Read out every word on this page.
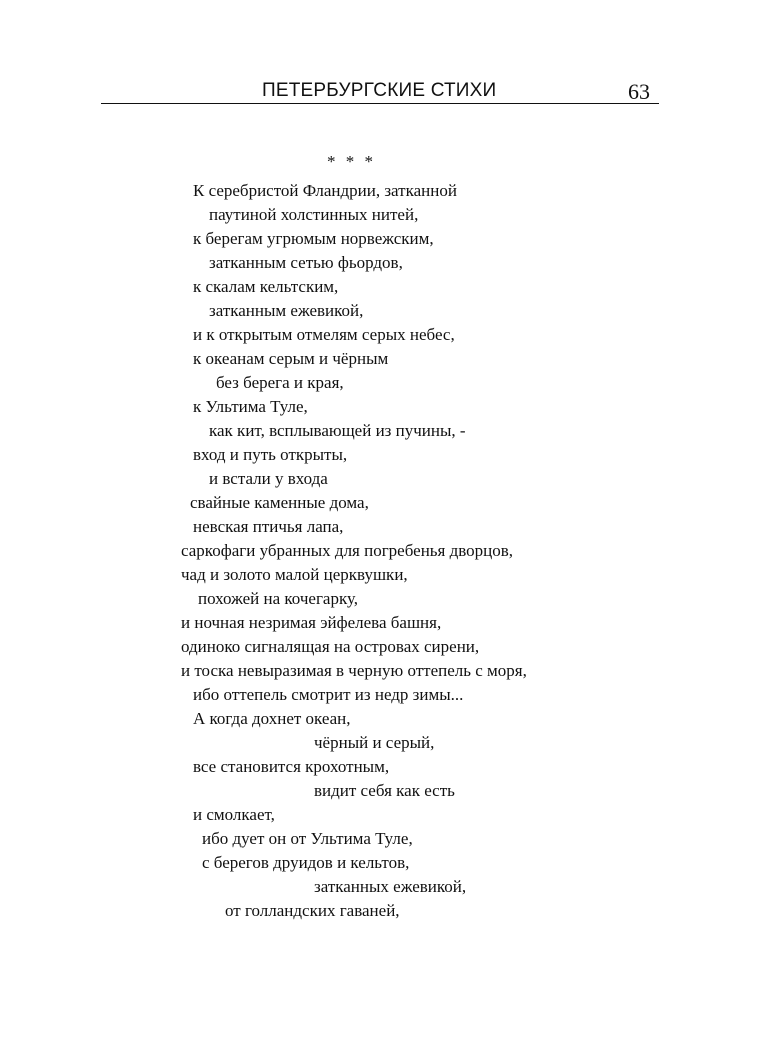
ПЕТЕРБУРГСКИЕ СТИХИ	63
* * *
К серебристой Фландрии, затканной
паутиной холстинных нитей,
к берегам угрюмым норвежским,
затканным сетью фьордов,
к скалам кельтским,
затканным ежевикой,
и к открытым отмелям серых небес,
к океанам серым и чёрным
без берега и края,
к Ультима Туле,
как кит, всплывающей из пучины, -
вход и путь открыты,
и встали у входа
свайные каменные дома,
невская птичья лапа,
саркофаги убранных для погребенья дворцов,
чад и золото малой церквушки,
похожей на кочегарку,
и ночная незримая эйфелева башня,
одиноко сигналящая на островах сирени,
и тоска невыразимая в черную оттепель с моря,
ибо оттепель смотрит из недр зимы...
А когда дохнет океан,
чёрный и серый,
все становится крохотным,
видит себя как есть
и смолкает,
ибо дует он от Ультима Туле,
с берегов друидов и кельтов,
затканных ежевикой,
от голландских гаваней,
